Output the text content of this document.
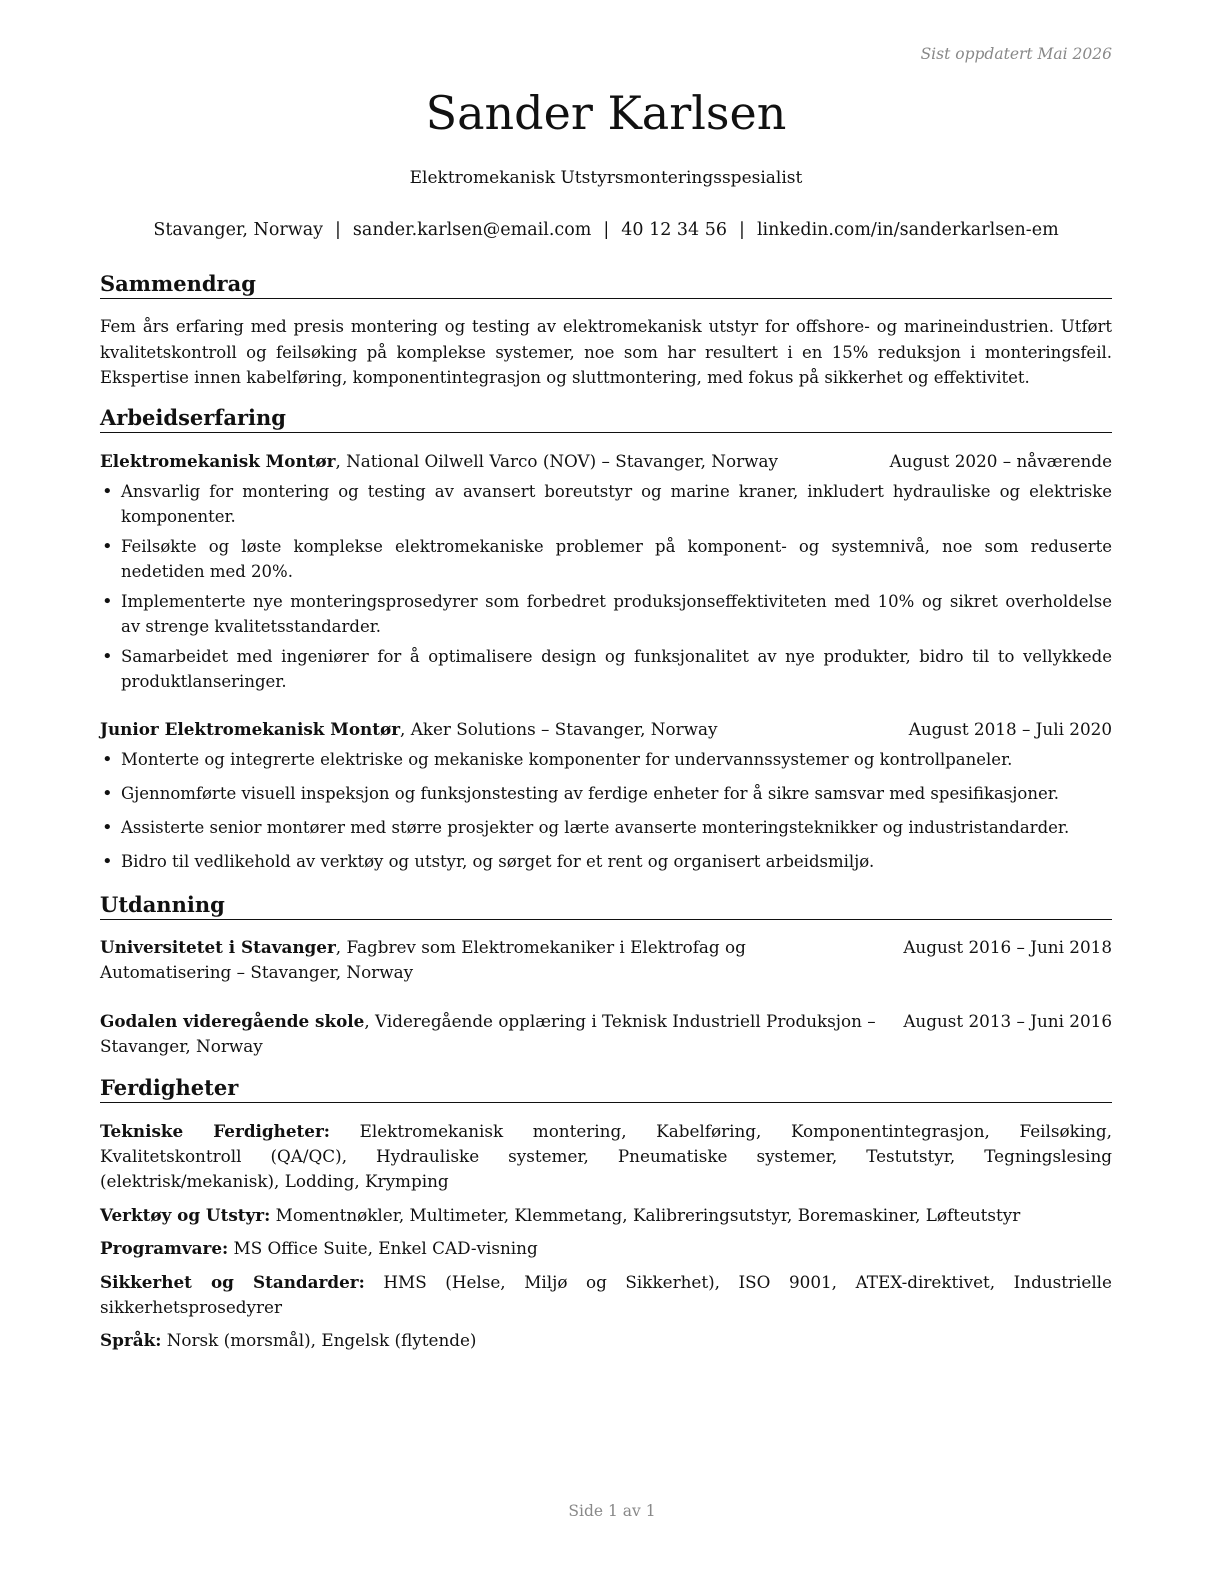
Sist oppdatert Mai 2026
Sander Karlsen
Elektromekanisk Utstyrsmonteringsspesialist
Stavanger, Norway | sander.karlsen@email.com | 40 12 34 56 | linkedin.com/in/sanderkarlsen-em
Sammendrag
Fem års erfaring med presis montering og testing av elektromekanisk utstyr for offshore- og marineindustrien. Utført kvalitetskontroll og feilsøking på komplekse systemer, noe som har resultert i en 15% reduksjon i monteringsfeil. Ekspertise innen kabelføring, komponentintegrasjon og sluttmontering, med fokus på sikkerhet og effektivitet.
Arbeidserfaring
Elektromekanisk Montør, National Oilwell Varco (NOV) – Stavanger, Norway	August 2020 – nåværende
• Ansvarlig for montering og testing av avansert boreutstyr og marine kraner, inkludert hydrauliske og elektriske komponenter.
• Feilsøkte og løste komplekse elektromekaniske problemer på komponent- og systemnivå, noe som reduserte nedetiden med 20%.
• Implementerte nye monteringsprosedyrer som forbedret produksjonseffektiviteten med 10% og sikret overholdelse av strenge kvalitetsstandarder.
• Samarbeidet med ingeniører for å optimalisere design og funksjonalitet av nye produkter, bidro til to vellykkede produktlanseringer.
Junior Elektromekanisk Montør, Aker Solutions – Stavanger, Norway	August 2018 – Juli 2020
• Monterte og integrerte elektriske og mekaniske komponenter for undervannssystemer og kontrollpaneler.
• Gjennomførte visuell inspeksjon og funksjonstesting av ferdige enheter for å sikre samsvar med spesifikasjoner.
• Assisterte senior montører med større prosjekter og lærte avanserte monteringsteknikker og industristandarder.
• Bidro til vedlikehold av verktøy og utstyr, og sørget for et rent og organisert arbeidsmiljø.
Utdanning
Universitetet i Stavanger, Fagbrev som Elektromekaniker i Elektrofag og Automatisering – Stavanger, Norway
August 2016 – Juni 2018
Godalen videregående skole, Videregående opplæring i Teknisk Industriell Produksjon – Stavanger, Norway
August 2013 – Juni 2016
Ferdigheter
Tekniske Ferdigheter: Elektromekanisk montering, Kabelføring, Komponentintegrasjon, Feilsøking, Kvalitetskontroll (QA/QC), Hydrauliske systemer, Pneumatiske systemer, Testutstyr, Tegningslesing (elektrisk/mekanisk), Lodding, Krymping
Verktøy og Utstyr: Momentnøkler, Multimeter, Klemmetang, Kalibreringsutstyr, Boremaskiner, Løfteutstyr
Programvare: MS Office Suite, Enkel CAD-visning
Sikkerhet og Standarder: HMS (Helse, Miljø og Sikkerhet), ISO 9001, ATEX-direktivet, Industrielle sikkerhetsprosedyrer
Språk: Norsk (morsmål), Engelsk (flytende)
Side 1 av 1
